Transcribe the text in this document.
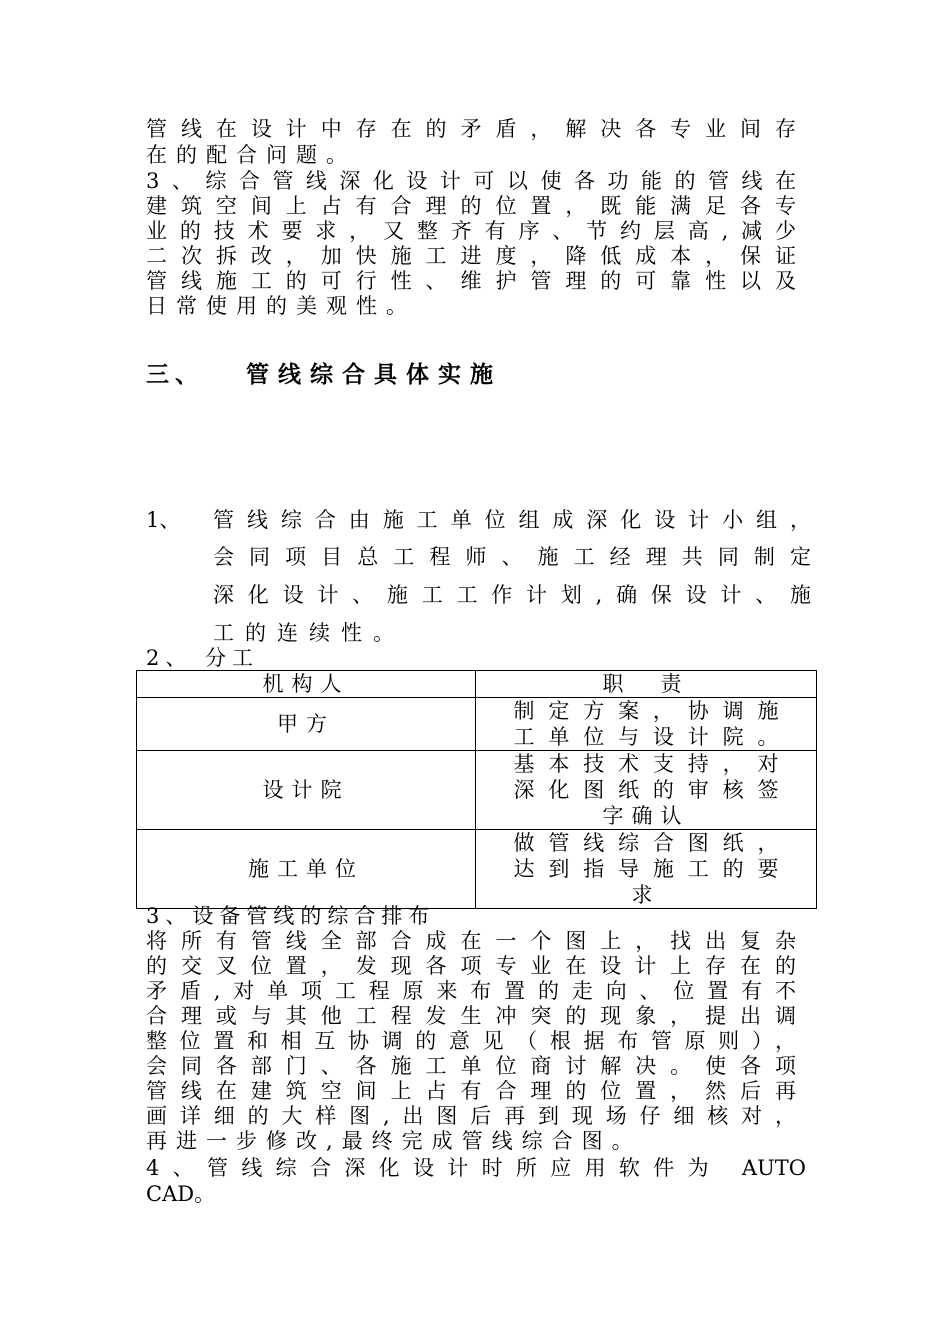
管线在设计中存在的矛盾，解决各专业间存
在的配合问题。
3、综合管线深化设计可以使各功能的管线在
建筑空间上占有合理的位置，既能满足各专
业的技术要求，又整齐有序、节约层高,减少
二次拆改，加快施工进度，降低成本，保证
管线施工的可行性、维护管理的可靠性以及
日常使用的美观性。
三、 管线综合具体实施
1、 管线综合由施工单位组成深化设计小组，
会同项目总工程师、施工经理共同制定
深化设计、施工工作计划,确保设计、施
工的连续性。
2、 分工
机构人	职　责
甲方	制定方案，协调施
工单位与设计院。

设计院	基本技术支持，对
深化图纸的审核签
字确认

施工单位	做管线综合图纸，
达到指导施工的要
求
3、设备管线的综合排布
将所有管线全部合成在一个图上，找出复杂
的交叉位置，发现各项专业在设计上存在的
矛盾,对单项工程原来布置的走向、位置有不
合理或与其他工程发生冲突的现象，提出调
整位置和相互协调的意见（根据布管原则），
会同各部门、各施工单位商讨解决。使各项
管线在建筑空间上占有合理的位置，然后再
画详细的大样图,出图后再到现场仔细核对，
再进一步修改,最终完成管线综合图。
4、管线综合深化设计时所应用软件为 AUTO
CAD。
